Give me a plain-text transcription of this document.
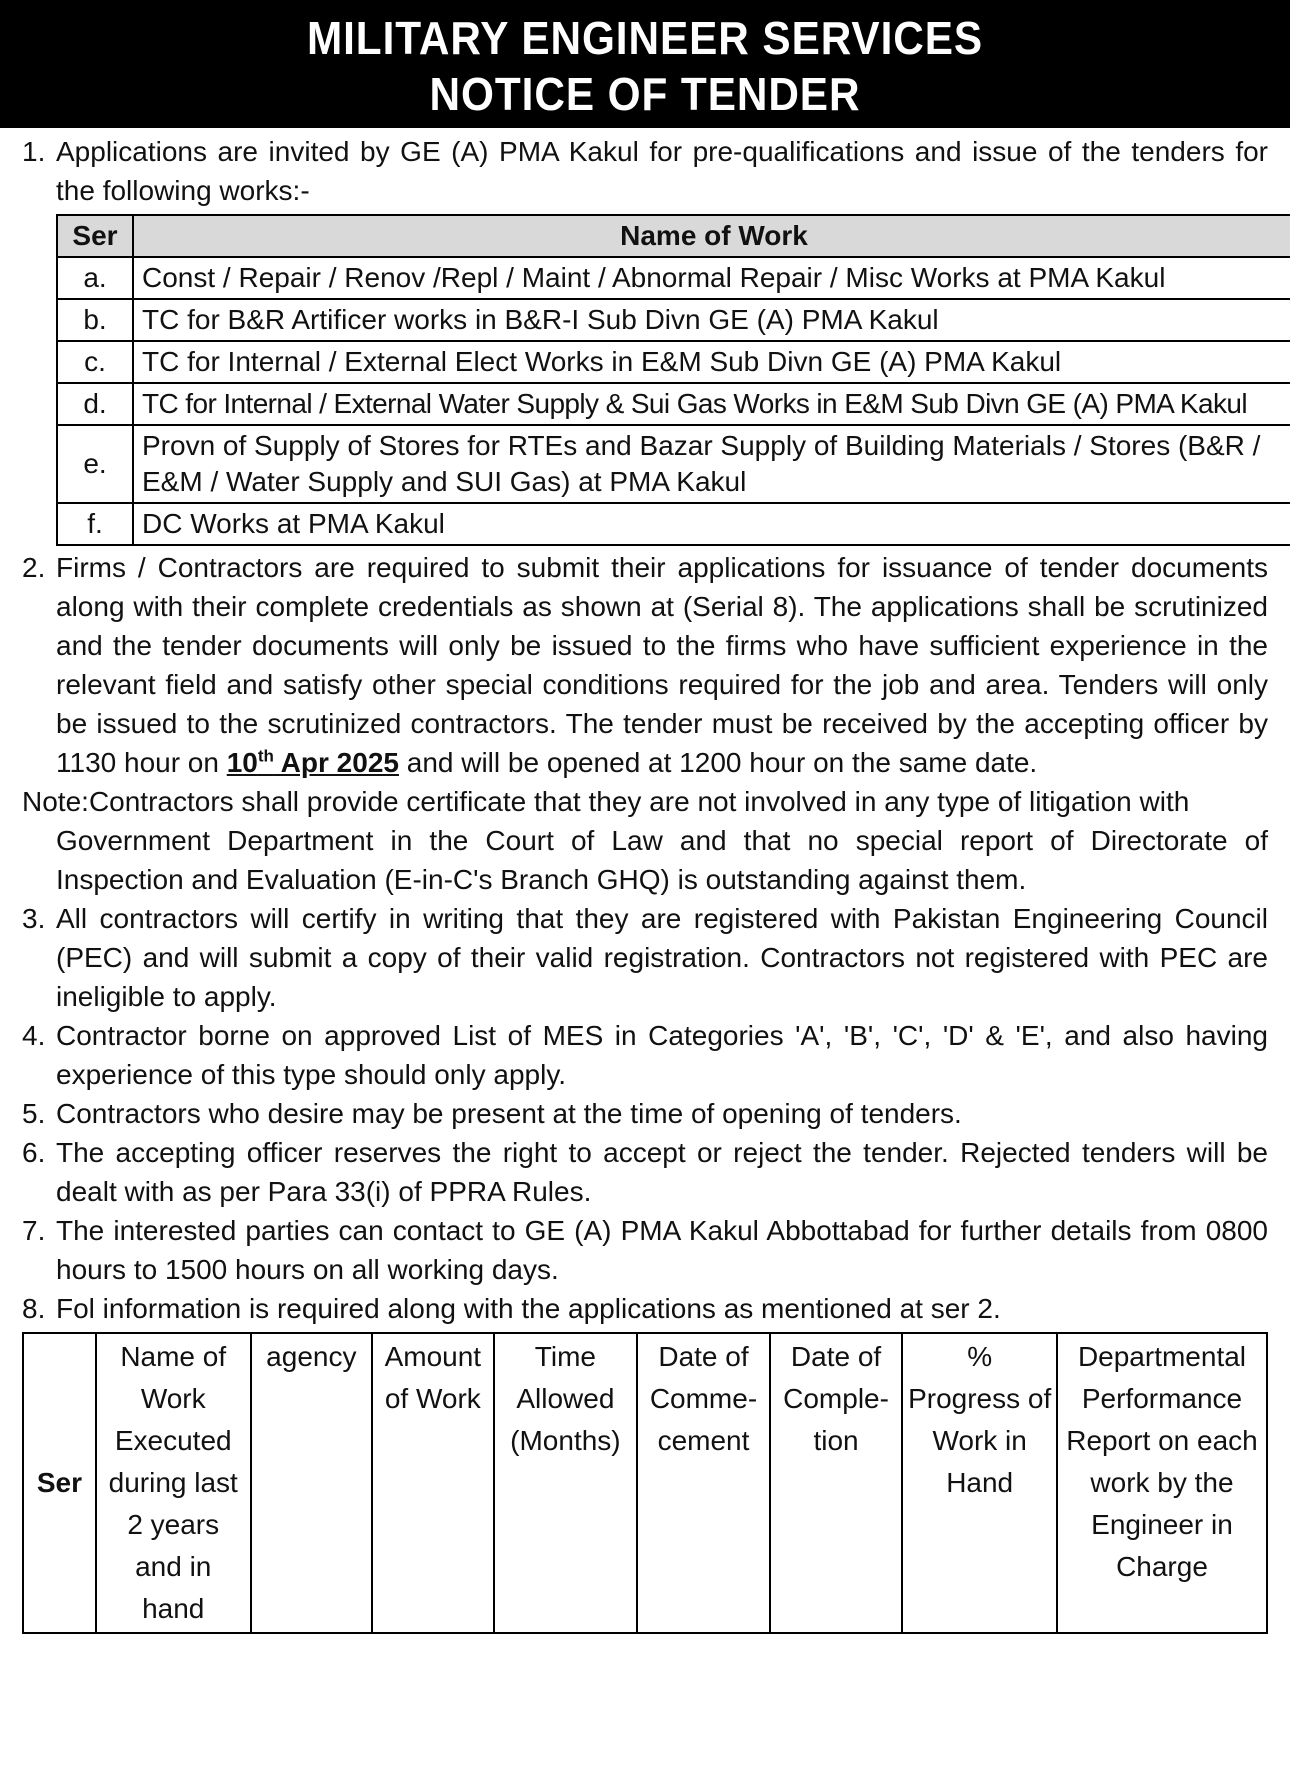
MILITARY ENGINEER SERVICES
NOTICE OF TENDER
1. Applications are invited by GE (A) PMA Kakul for pre-qualifications and issue of the tenders for the following works:-
Ser	Name of Work
a.	Const / Repair / Renov /Repl / Maint / Abnormal Repair / Misc Works at PMA Kakul
b.	TC for B&R Artificer works in B&R-I Sub Divn GE (A) PMA Kakul
c.	TC for Internal / External Elect Works in E&M Sub Divn GE (A) PMA Kakul
d.	TC for Internal / External Water Supply & Sui Gas Works in E&M Sub Divn GE (A) PMA Kakul
e.	Provn of Supply of Stores for RTEs and Bazar Supply of Building Materials / Stores (B&R / E&M / Water Supply and SUI Gas) at PMA Kakul
f.	DC Works at PMA Kakul
2. Firms / Contractors are required to submit their applications for issuance of tender documents along with their complete credentials as shown at (Serial 8). The applications shall be scrutinized and the tender documents will only be issued to the firms who have sufficient experience in the relevant field and satisfy other special conditions required for the job and area. Tenders will only be issued to the scrutinized contractors. The tender must be received by the accepting officer by 1130 hour on 10th Apr 2025 and will be opened at 1200 hour on the same date.
Note:Contractors shall provide certificate that they are not involved in any type of litigation with
Government Department in the Court of Law and that no special report of Directorate of Inspection and Evaluation (E-in-C's Branch GHQ) is outstanding against them.
3. All contractors will certify in writing that they are registered with Pakistan Engineering Council (PEC) and will submit a copy of their valid registration. Contractors not registered with PEC are ineligible to apply.
4. Contractor borne on approved List of MES in Categories 'A', 'B', 'C', 'D' & 'E', and also having experience of this type should only apply.
5. Contractors who desire may be present at the time of opening of tenders.
6. The accepting officer reserves the right to accept or reject the tender. Rejected tenders will be dealt with as per Para 33(i) of PPRA Rules.
7. The interested parties can contact to GE (A) PMA Kakul Abbottabad for further details from 0800 hours to 1500 hours on all working days.
8. Fol information is required along with the applications as mentioned at ser 2.
Ser	Name of Work Executed during last 2 years and in hand	agency	Amount of Work	Time Allowed (Months)	Date of Comme-cement	Date of Comple-tion	% Progress of Work in Hand	Departmental Performance Report on each work by the Engineer in Charge
